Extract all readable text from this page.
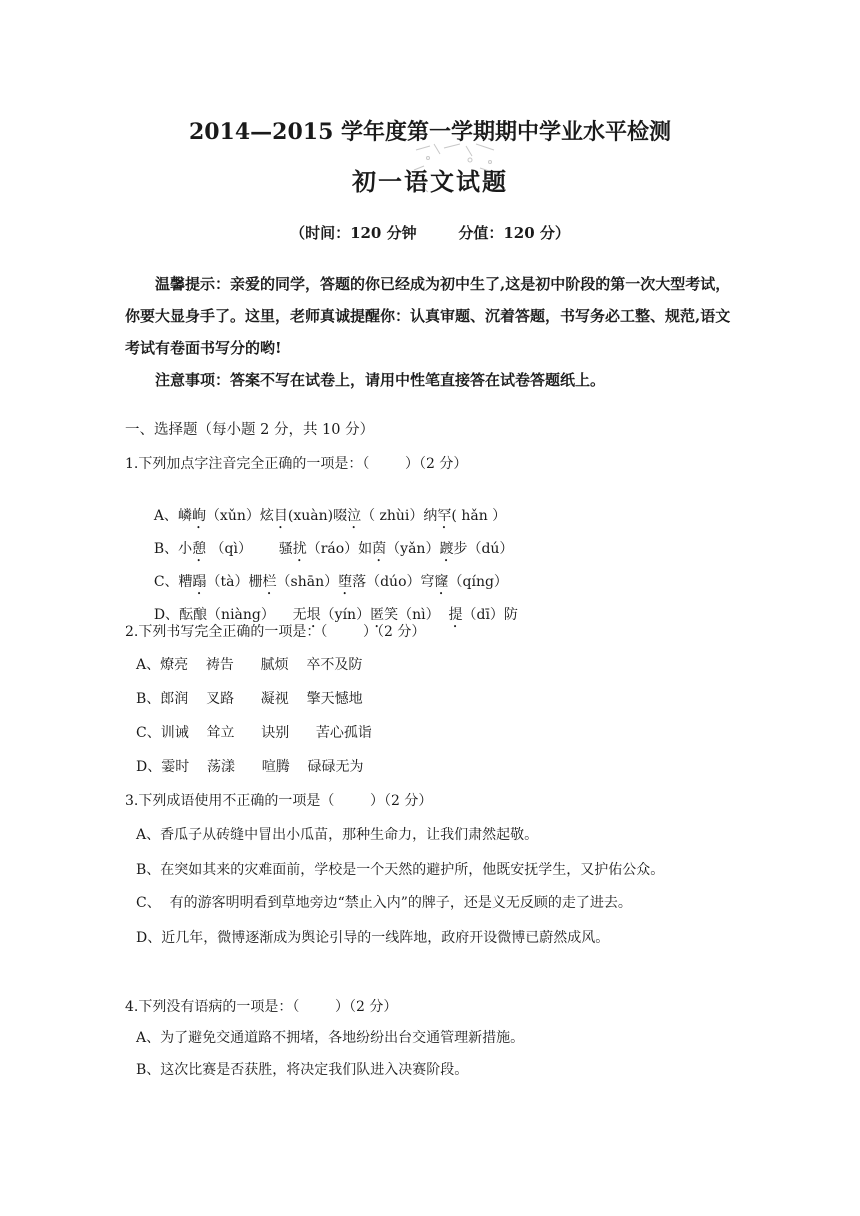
2014—2015 学年度第一学期期中学业水平检测
初一语文试题
（时间：120 分钟        分值：120 分）
温馨提示：亲爱的同学，答题的你已经成为初中生了,这是初中阶段的第一次大型考试，你要大显身手了。这里，老师真诚提醒你：认真审题、沉着答题，书写务必工整、规范,语文考试有卷面书写分的哟!
注意事项：答案不写在试卷上，请用中性笔直接答在试卷答题纸上。
一、选择题（每小题 2 分，共 10 分）
1.下列加点字注音完全正确的一项是：（        ）（2 分）

A、嶙峋（xǔn）炫目(xuàn)啜泣（ zhùi）纳罕( hǎn ）

B、小憩 （qì）      骚扰（ráo）如茵（yǎn）踱步（dú）

C、糟蹋（tà）栅栏（shān）堕落（dúo）穹窿（qíng）

D、酝酿（niàng）    无垠（yín）匿笑（nì）  提（dī）防

2.下列书写完全正确的一项是：（        ）（2 分）
A、燎亮    祷告      腻烦    卒不及防
B、郎润    叉路      凝视    擎天憾地
C、训诫    耸立      诀别      苦心孤诣
D、霎时    荡漾      喧腾    碌碌无为
3.下列成语使用不正确的一项是（        ）（2 分）
A、香瓜子从砖缝中冒出小瓜苗，那种生命力，让我们肃然起敬。
B、在突如其来的灾难面前，学校是一个天然的避护所，他既安抚学生，又护佑公众。
C、  有的游客明明看到草地旁边“禁止入内”的牌子，还是义无反顾的走了进去。
D、近几年，微博逐渐成为舆论引导的一线阵地，政府开设微博已蔚然成风。
4.下列没有语病的一项是：（        ）（2 分）
A、为了避免交通道路不拥堵，各地纷纷出台交通管理新措施。
B、这次比赛是否获胜，将决定我们队进入决赛阶段。
